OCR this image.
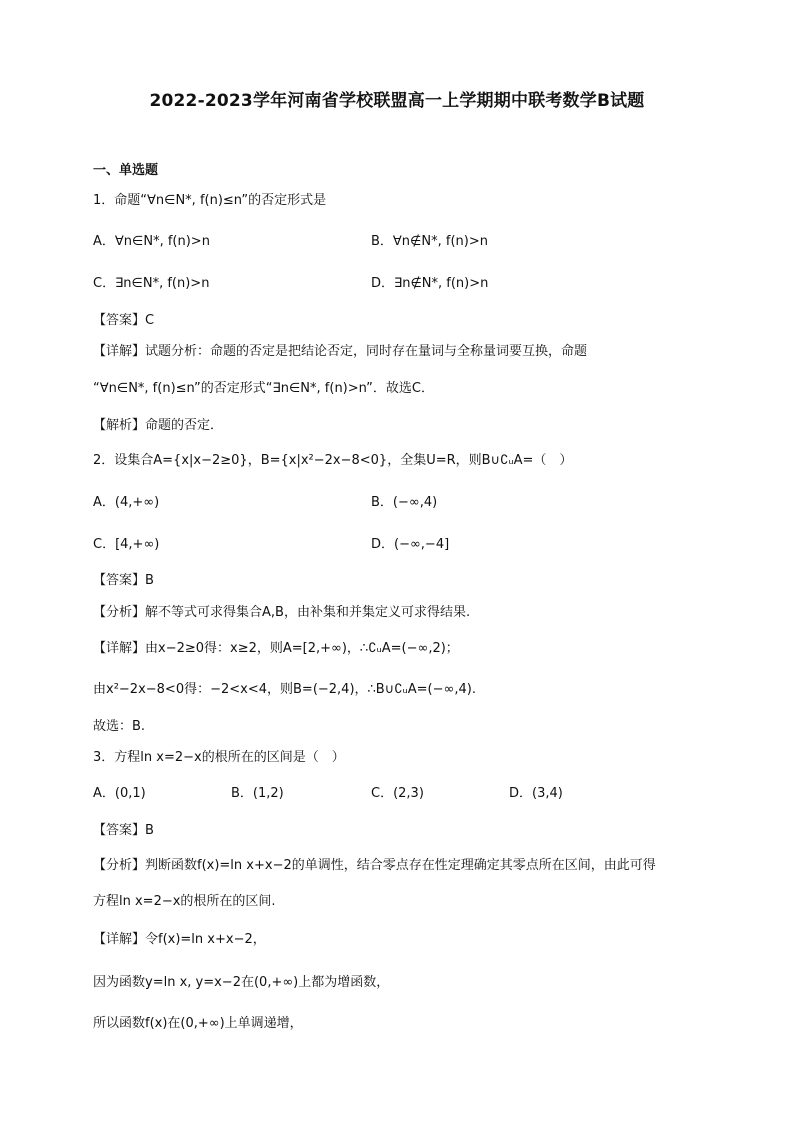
2022-2023学年河南省学校联盟高一上学期期中联考数学B试题
一、单选题
1．命题“∀n∈N*, f(n)≤n”的否定形式是
A．∀n∈N*, f(n)>n	B．∀n∉N*, f(n)>n
C．∃n∈N*, f(n)>n	D．∃n∉N*, f(n)>n
【答案】C
【详解】试题分析：命题的否定是把结论否定，同时存在量词与全称量词要互换，命题
“∀n∈N*, f(n)≤n”的否定形式“∃n∈N*, f(n)>n”．故选C．
【解析】命题的否定．
2．设集合A={x|x−2≥0}，B={x|x²−2x−8<0}，全集U=R，则B∪∁ᵤA=（　）
A．(4,+∞)	B．(−∞,4)
C．[4,+∞)	D．(−∞,−4]
【答案】B
【分析】解不等式可求得集合A,B，由补集和并集定义可求得结果.
【详解】由x−2≥0得：x≥2，则A=[2,+∞)，∴∁ᵤA=(−∞,2)；
由x²−2x−8<0得：−2<x<4，则B=(−2,4)，∴B∪∁ᵤA=(−∞,4).
故选：B.
3．方程ln x=2−x的根所在的区间是（　）
A．(0,1)	B．(1,2)	C．(2,3)	D．(3,4)
【答案】B
【分析】判断函数f(x)=ln x+x−2的单调性，结合零点存在性定理确定其零点所在区间，由此可得
方程ln x=2−x的根所在的区间.
【详解】令f(x)=ln x+x−2，
因为函数y=ln x, y=x−2在(0,+∞)上都为增函数，
所以函数f(x)在(0,+∞)上单调递增，
